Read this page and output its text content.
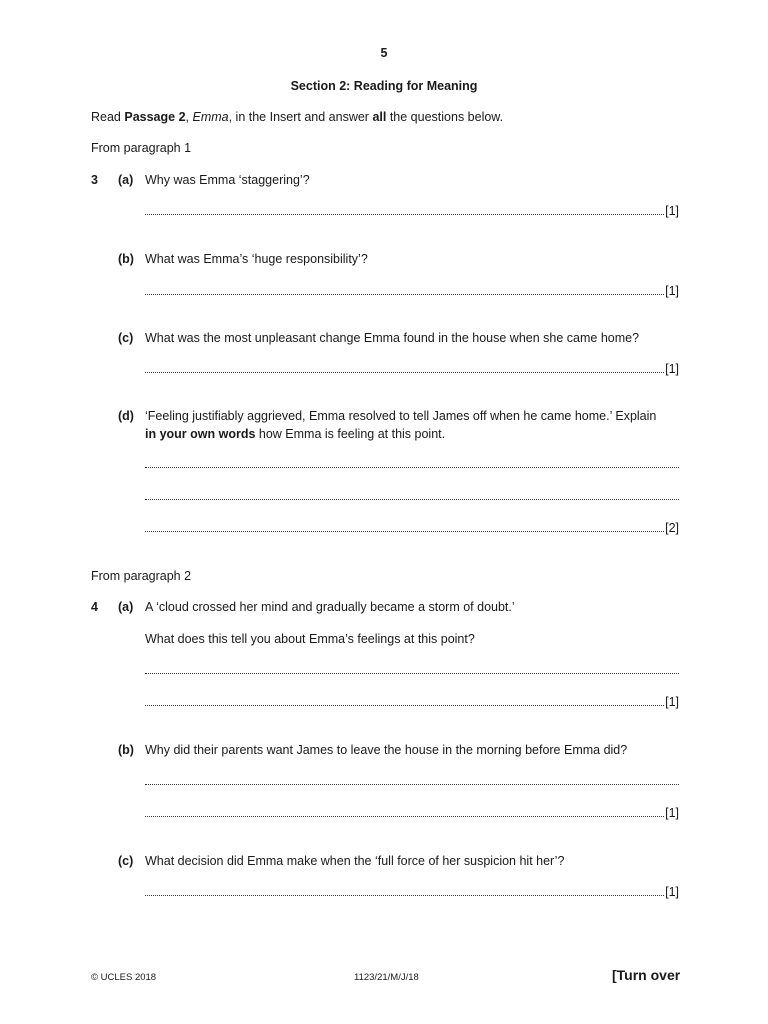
5
Section 2: Reading for Meaning
Read Passage 2, Emma, in the Insert and answer all the questions below.
From paragraph 1
3 (a) Why was Emma ‘staggering’?
[1]
(b) What was Emma’s ‘huge responsibility’?
[1]
(c) What was the most unpleasant change Emma found in the house when she came home?
[1]
(d) ‘Feeling justifiably aggrieved, Emma resolved to tell James off when he came home.’ Explain
in your own words how Emma is feeling at this point.
[2]
From paragraph 2
4 (a) A ‘cloud crossed her mind and gradually became a storm of doubt.’
What does this tell you about Emma’s feelings at this point?
[1]
(b) Why did their parents want James to leave the house in the morning before Emma did?
[1]
(c) What decision did Emma make when the ‘full force of her suspicion hit her’?
[1]
© UCLES 2018	1123/21/M/J/18	[Turn over
